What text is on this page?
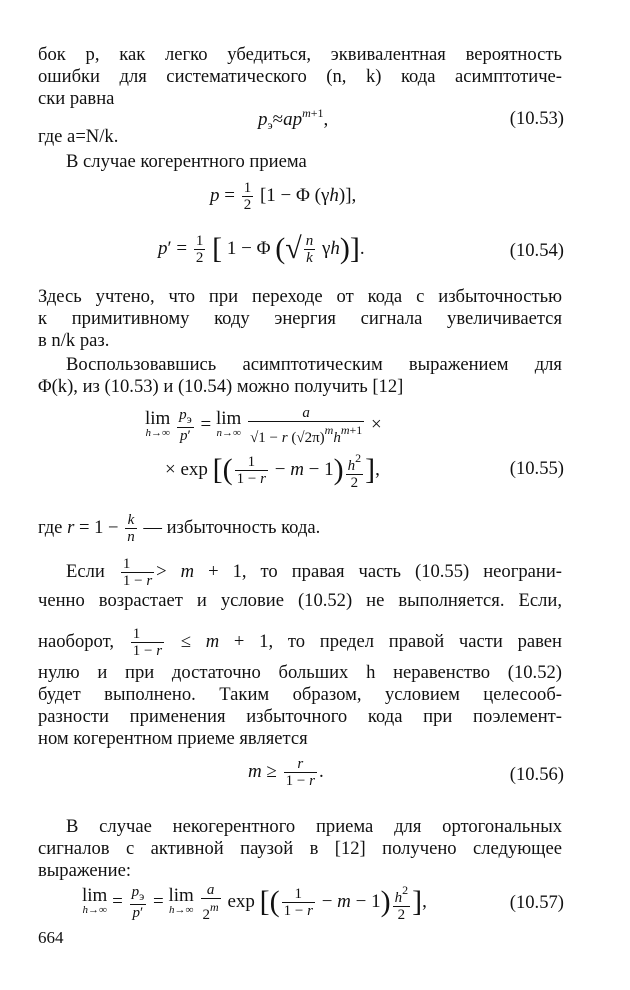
бок p, как легко убедиться, эквивалентная вероятность
ошибки для систематического (n, k) кода асимптотиче-
ски равна
$p_э\approx ap^{m+1}$,	(10.53)
где a=N/k.
В случае когерентного приема
$p = \frac{1}{2} [1 - \Phi$ (γh)],
$p' = \frac{1}{2}$ [ 1 − Φ (√ $\frac{n}{k} \gamma h$)].	(10.54)
Здесь учтено, что при переходе от кода с избыточностью
к примитивному коду энергия сигнала увеличивается
в n/k раз.
Воспользовавшись асимптотическим выражением для
Φ(k), из (10.53) и (10.54) можно получить [12]
lim
h→∞
$\frac{p_э}{p'} = \lim$
n→∞
$\frac{a}{√1 - r (√2\pi)^mh^{m+1}}$ ×
× exp [( $\frac{1}{1 - r} - m - 1) \frac{h^2}{2}$ ],	(10.55)
где $r = 1 - \frac{k}{n}$ — избыточность кода.
Если $\frac{1}{1 - r} > m + 1$, то правая часть (10.55) неограни-
ченно возрастает и условие (10.52) не выполняется. Если,
наоборот, $\frac{1}{1 - r} \le m + 1$, то предел правой части равен
нулю и при достаточно больших h неравенство (10.52)
будет выполнено. Таким образом, условием целесооб-
разности применения избыточного кода при поэлемент-
ном когерентном приеме является
$m \ge \frac{r}{1 - r}$ .	(10.56)
В случае некогерентного приема для ортогональных
сигналов с активной паузой в [12] получено следующее
выражение:
lim
$h\to\infty = \frac{p_э}{p'} = \lim$
h→∞
$\frac{a}{2^m}$ exp [( $\frac{1}{1 - r} - m - 1) \frac{h^2}{2}$ ],	(10.57)
664
